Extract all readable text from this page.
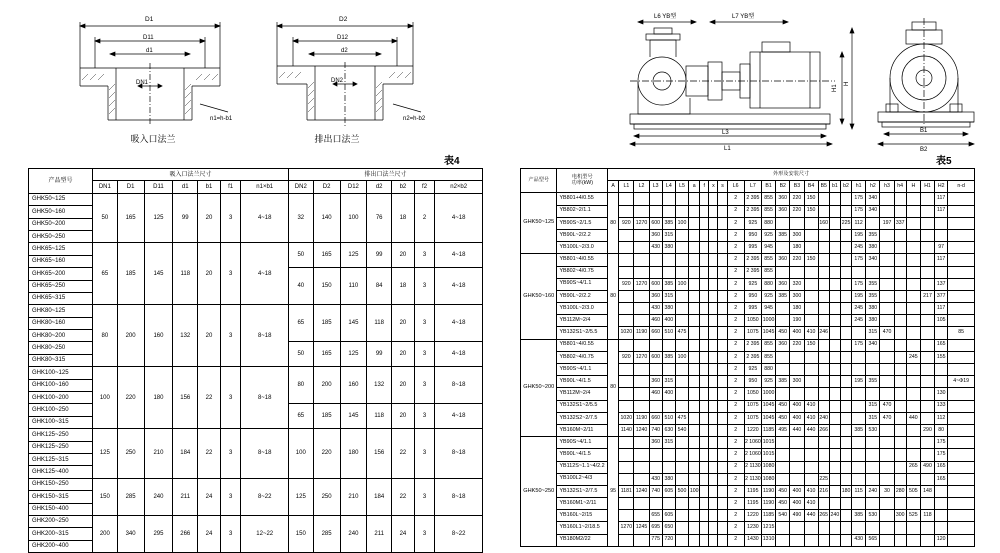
D1
D11
d1
DN1
n1=h-b1
吸入口法兰
D2
D12
d2
DN2
n2=h-b2
排出口法兰
L6 YB型	L7 YB型
L3
L1
H1
H
B1
B2
表4	表5
产品型号	吸入口法兰尺寸							排出口法兰尺寸						
	DN1	D1	D11	d1	b1	f1	n1×b1	DN2	D2	D12	d2	b2	f2	n2×b2
GHK50~125	50	165	125	99	20	3	4~18	32	140	100	76	18	2	4~18
GHK50~160														
GHK50~200														
GHK50~250														
GHK65~125	65	185	145	118	20	3	4~18	50	165	125	99	20	3	4~18
GHK65~160														
GHK65~200								40	150	110	84	18	3	4~18
GHK65~250														
GHK65~315														
GHK80~125	80	200	160	132	20	3	8~18	65	185	145	118	20	3	4~18
GHK80~160														
GHK80~200														
GHK80~250								50	165	125	99	20	3	4~18
GHK80~315														
GHK100~125	100	220	180	156	22	3	8~18	80	200	160	132	20	3	8~18
GHK100~160														
GHK100~200														
GHK100~250								65	185	145	118	20	3	4~18
GHK100~315														
GHK125~250	125	250	210	184	22	3	8~18	100	220	180	156	22	3	8~18
GHK125~250														
GHK125~315														
GHK125~400														
GHK150~250	150	285	240	211	24	3	8~22	125	250	210	184	22	3	8~18
GHK150~315														
GHK150~400														
GHK200~250	200	340	295	266	24	3	12~22	150	285	240	211	24	3	8~22
GHK200~315														
GHK200~400														
产品型号	电机型号
功率(kW)	外形及安装尺寸																										
		A	L1	L2	L3	L4	L5	a	f	x	s	L6	L7	B1	B2	B3	B4	B5	b1	b2	h1	h2	h3	h4	H	H1	H2	n-d
GHK50~125	YB801+4/0.55	80										2	2 395	855	360	220	150				175	340					117	
	YB802~2/1.1											2	2 395	855	360	220	150				175	340					117	
	YB90S~2/1.5		920	1270	600	385	100					2	925	880				160		225	112		197	337				
	YB90L~2/2.2				360	315						2	950	925	385	300					195	355						
	YB100L~2/3.0				430	380						2	995	945		180					245	380					97	
GHK50~160	YB801~4/0.55	80										2	2 395	855	360	220	150				175	340					117	
	YB802~4/0.75											2	2 395	855														
	YB90S~4/1.1		920	1270	600	385	100					2	925	880	360	320					175	355					137	
	YB90L~2/2.2				360	315						2	950	925	385	300					195	355				217	377	
	YB100L~2/3.0				430	380						2	995	945		180					245	380					117	
	YB112M~2/4				460	400						2	1050	1000		190					245	380					105	
	YB132S1~2/5.5		1020	1190	660	510	475					2	1075	1045	450	400	410	246				315	470					85
GHK50~200	YB801~4/0.55	80										2	2 395	855	360	220	150				175	340					165	
	YB802~4/0.75		920	1270	600	385	100					2	2 395	855											245		155	
	YB90S~4/1.1											2	925	880														
	YB90L~4/1.5				360	315						2	950	925	385	300					195	355						4~Φ19
	YB112M~2/4				460	400						2	1050	1000													130	
	YB132S1~2/5.5											2	1075	1045	450	400	410					315	470				133	
	YB132S2~2/7.5		1020	1190	660	510	475					2	1075	1045	450	400	410	240				315	470		440		112	
	YB160M~2/11		1140	1240	740	630	540					2	1220	1185	495	440	440	266			385	530				290	80	
GHK50~250	YB90S~4/1.1	95			360	315						2	2 1060	1015													175	
	YB90L~4/1.5											2	2 1060	1015													175	
	YB112S~1.1~4/2.2											2	2 1130	1080											265	490	165	
	YB100L2~4/3				430	380						2	2 1130	1080				225									165	
	YB132S1~2/7.5		1181	1240	740	605	500	100				2	1195	1190	450	400	410	216		180	115	240	30	280	505	148		
	YB160M1~2/11											2	1195	1190	450	400	410											
	YB160L~2/15				655	605						2	1220	1185	540	490	440	265	240		385	530		300	525	118		
	YB160L1~2/18.5		1270	1245	695	650						2	1230	1215														
	YB180M2/22				775	720						2	1430	1310							430	565					120	
